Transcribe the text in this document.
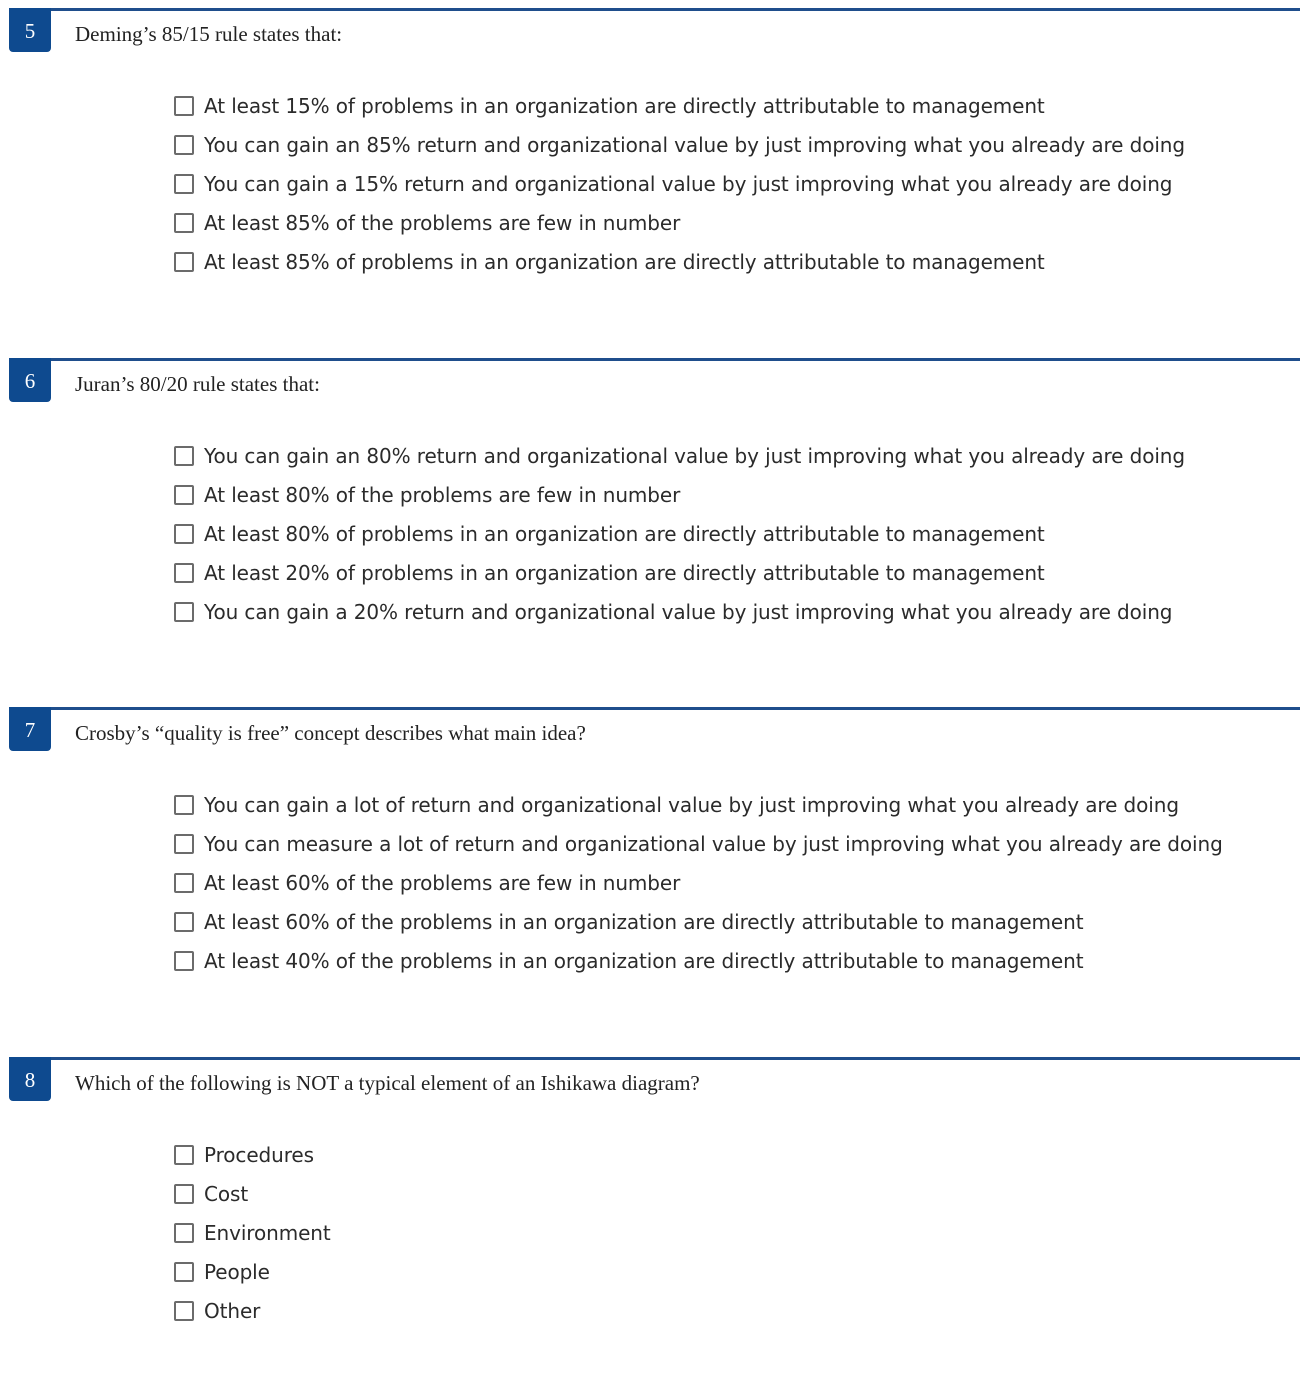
5	Deming’s 85/15 rule states that:
At least 15% of problems in an organization are directly attributable to management
You can gain an 85% return and organizational value by just improving what you already are doing
You can gain a 15% return and organizational value by just improving what you already are doing
At least 85% of the problems are few in number
At least 85% of problems in an organization are directly attributable to management
6	Juran’s 80/20 rule states that:
You can gain an 80% return and organizational value by just improving what you already are doing
At least 80% of the problems are few in number
At least 80% of problems in an organization are directly attributable to management
At least 20% of problems in an organization are directly attributable to management
You can gain a 20% return and organizational value by just improving what you already are doing
7	Crosby’s “quality is free” concept describes what main idea?
You can gain a lot of return and organizational value by just improving what you already are doing
You can measure a lot of return and organizational value by just improving what you already are doing
At least 60% of the problems are few in number
At least 60% of the problems in an organization are directly attributable to management
At least 40% of the problems in an organization are directly attributable to management
8	Which of the following is NOT a typical element of an Ishikawa diagram?
Procedures
Cost
Environment
People
Other
